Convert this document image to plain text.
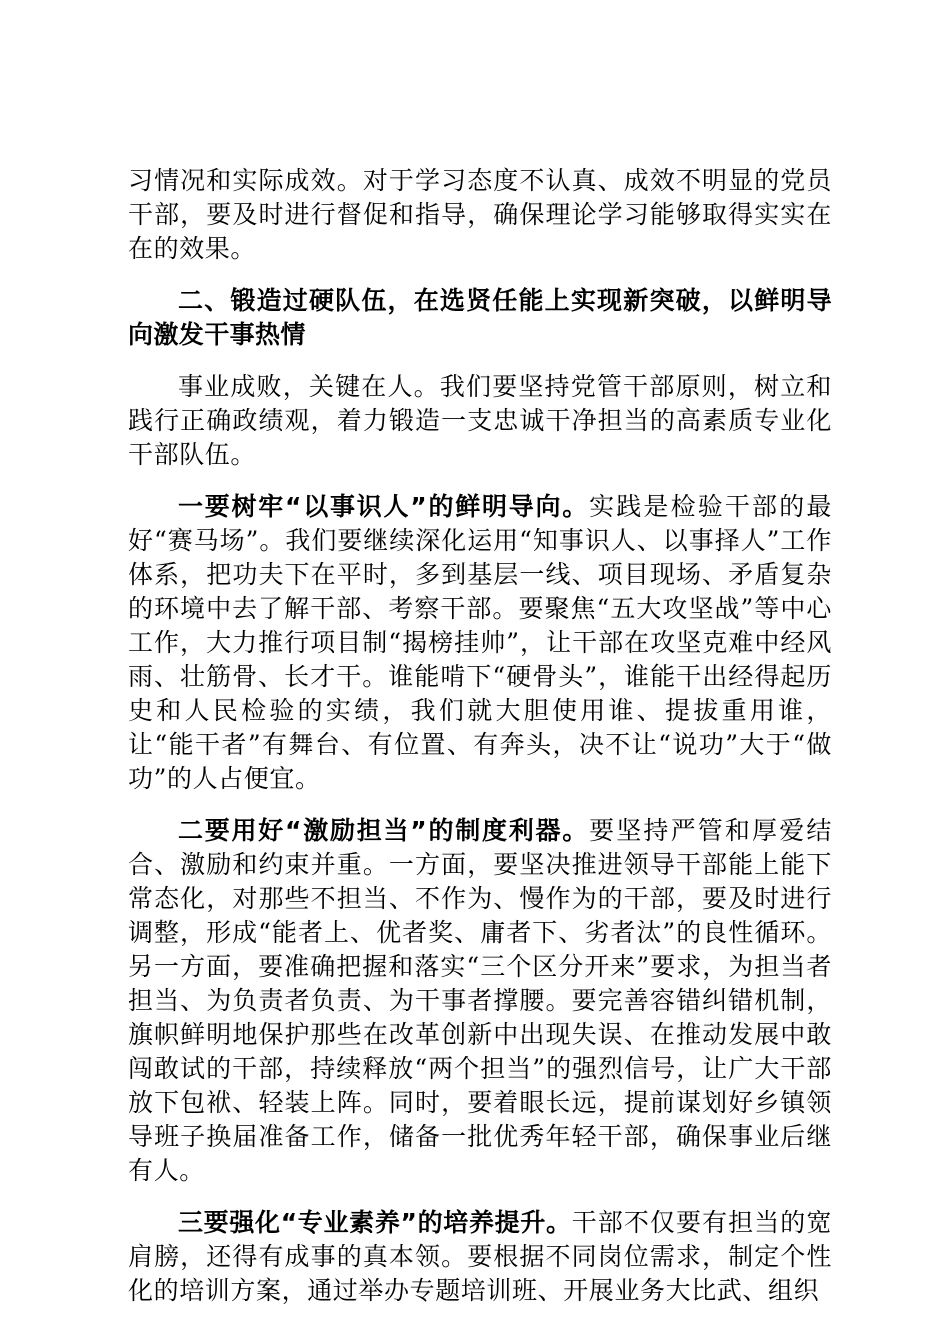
习情况和实际成效。对于学习态度不认真、成效不明显的党员干部，要及时进行督促和指导，确保理论学习能够取得实实在在的效果。

二、锻造过硬队伍，在选贤任能上实现新突破，以鲜明导向激发干事热情

事业成败，关键在人。我们要坚持党管干部原则，树立和践行正确政绩观，着力锻造一支忠诚干净担当的高素质专业化干部队伍。

一要树牢“以事识人”的鲜明导向。实践是检验干部的最好“赛马场”。我们要继续深化运用“知事识人、以事择人”工作体系，把功夫下在平时，多到基层一线、项目现场、矛盾复杂的环境中去了解干部、考察干部。要聚焦“五大攻坚战”等中心工作，大力推行项目制“揭榜挂帅”，让干部在攻坚克难中经风雨、壮筋骨、长才干。谁能啃下“硬骨头”，谁能干出经得起历史和人民检验的实绩，我们就大胆使用谁、提拔重用谁，让“能干者”有舞台、有位置、有奔头，决不让“说功”大于“做功”的人占便宜。

二要用好“激励担当”的制度利器。要坚持严管和厚爱结合、激励和约束并重。一方面，要坚决推进领导干部能上能下常态化，对那些不担当、不作为、慢作为的干部，要及时进行调整，形成“能者上、优者奖、庸者下、劣者汰”的良性循环。另一方面，要准确把握和落实“三个区分开来”要求，为担当者担当、为负责者负责、为干事者撑腰。要完善容错纠错机制，旗帜鲜明地保护那些在改革创新中出现失误、在推动发展中敢闯敢试的干部，持续释放“两个担当”的强烈信号，让广大干部放下包袱、轻装上阵。同时，要着眼长远，提前谋划好乡镇领导班子换届准备工作，储备一批优秀年轻干部，确保事业后继有人。

三要强化“专业素养”的培养提升。干部不仅要有担当的宽肩膀，还得有成事的真本领。要根据不同岗位需求，制定个性化的培训方案，通过举办专题培训班、开展业务大比武、组织
